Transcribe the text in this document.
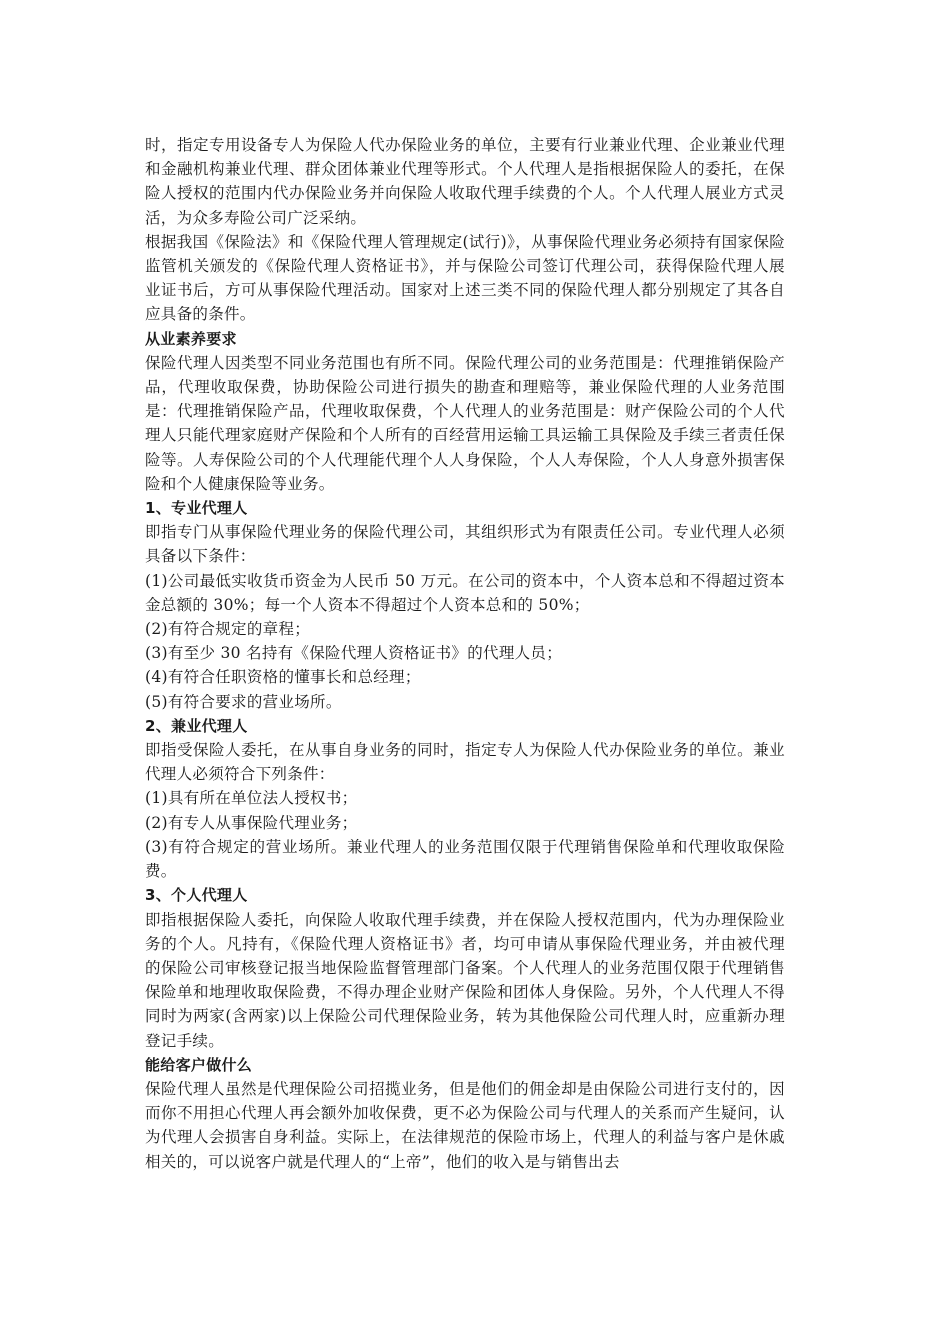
时，指定专用设备专人为保险人代办保险业务的单位，主要有行业兼业代理、企业兼业代理和金融机构兼业代理、群众团体兼业代理等形式。个人代理人是指根据保险人的委托，在保险人授权的范围内代办保险业务并向保险人收取代理手续费的个人。个人代理人展业方式灵活，为众多寿险公司广泛采纳。

根据我国《保险法》和《保险代理人管理规定(试行)》，从事保险代理业务必须持有国家保险监管机关颁发的《保险代理人资格证书》，并与保险公司签订代理公司，获得保险代理人展业证书后，方可从事保险代理活动。国家对上述三类不同的保险代理人都分别规定了其各自应具备的条件。

从业素养要求

保险代理人因类型不同业务范围也有所不同。保险代理公司的业务范围是：代理推销保险产品，代理收取保费，协助保险公司进行损失的勘查和理赔等，兼业保险代理的人业务范围是：代理推销保险产品，代理收取保费，个人代理人的业务范围是：财产保险公司的个人代理人只能代理家庭财产保险和个人所有的百经营用运输工具运输工具保险及手续三者责任保险等。人寿保险公司的个人代理能代理个人人身保险，个人人寿保险，个人人身意外损害保险和个人健康保险等业务。

1、专业代理人

即指专门从事保险代理业务的保险代理公司，其组织形式为有限责任公司。专业代理人必须具备以下条件：

(1)公司最低实收货币资金为人民币 50 万元。在公司的资本中，个人资本总和不得超过资本金总额的 30%；每一个人资本不得超过个人资本总和的 50%；

(2)有符合规定的章程；

(3)有至少 30 名持有《保险代理人资格证书》的代理人员；

(4)有符合任职资格的懂事长和总经理；

(5)有符合要求的营业场所。

2、兼业代理人

即指受保险人委托，在从事自身业务的同时，指定专人为保险人代办保险业务的单位。兼业代理人必须符合下列条件：

(1)具有所在单位法人授权书；

(2)有专人从事保险代理业务；

(3)有符合规定的营业场所。兼业代理人的业务范围仅限于代理销售保险单和代理收取保险费。

3、个人代理人

即指根据保险人委托，向保险人收取代理手续费，并在保险人授权范围内，代为办理保险业务的个人。凡持有，《保险代理人资格证书》者，均可申请从事保险代理业务，并由被代理的保险公司审核登记报当地保险监督管理部门备案。个人代理人的业务范围仅限于代理销售保险单和地理收取保险费，不得办理企业财产保险和团体人身保险。另外，个人代理人不得同时为两家(含两家)以上保险公司代理保险业务，转为其他保险公司代理人时，应重新办理登记手续。

能给客户做什么

保险代理人虽然是代理保险公司招揽业务，但是他们的佣金却是由保险公司进行支付的，因而你不用担心代理人再会额外加收保费，更不必为保险公司与代理人的关系而产生疑问，认为代理人会损害自身利益。实际上，在法律规范的保险市场上，代理人的利益与客户是休戚相关的，可以说客户就是代理人的“上帝”，他们的收入是与销售出去
